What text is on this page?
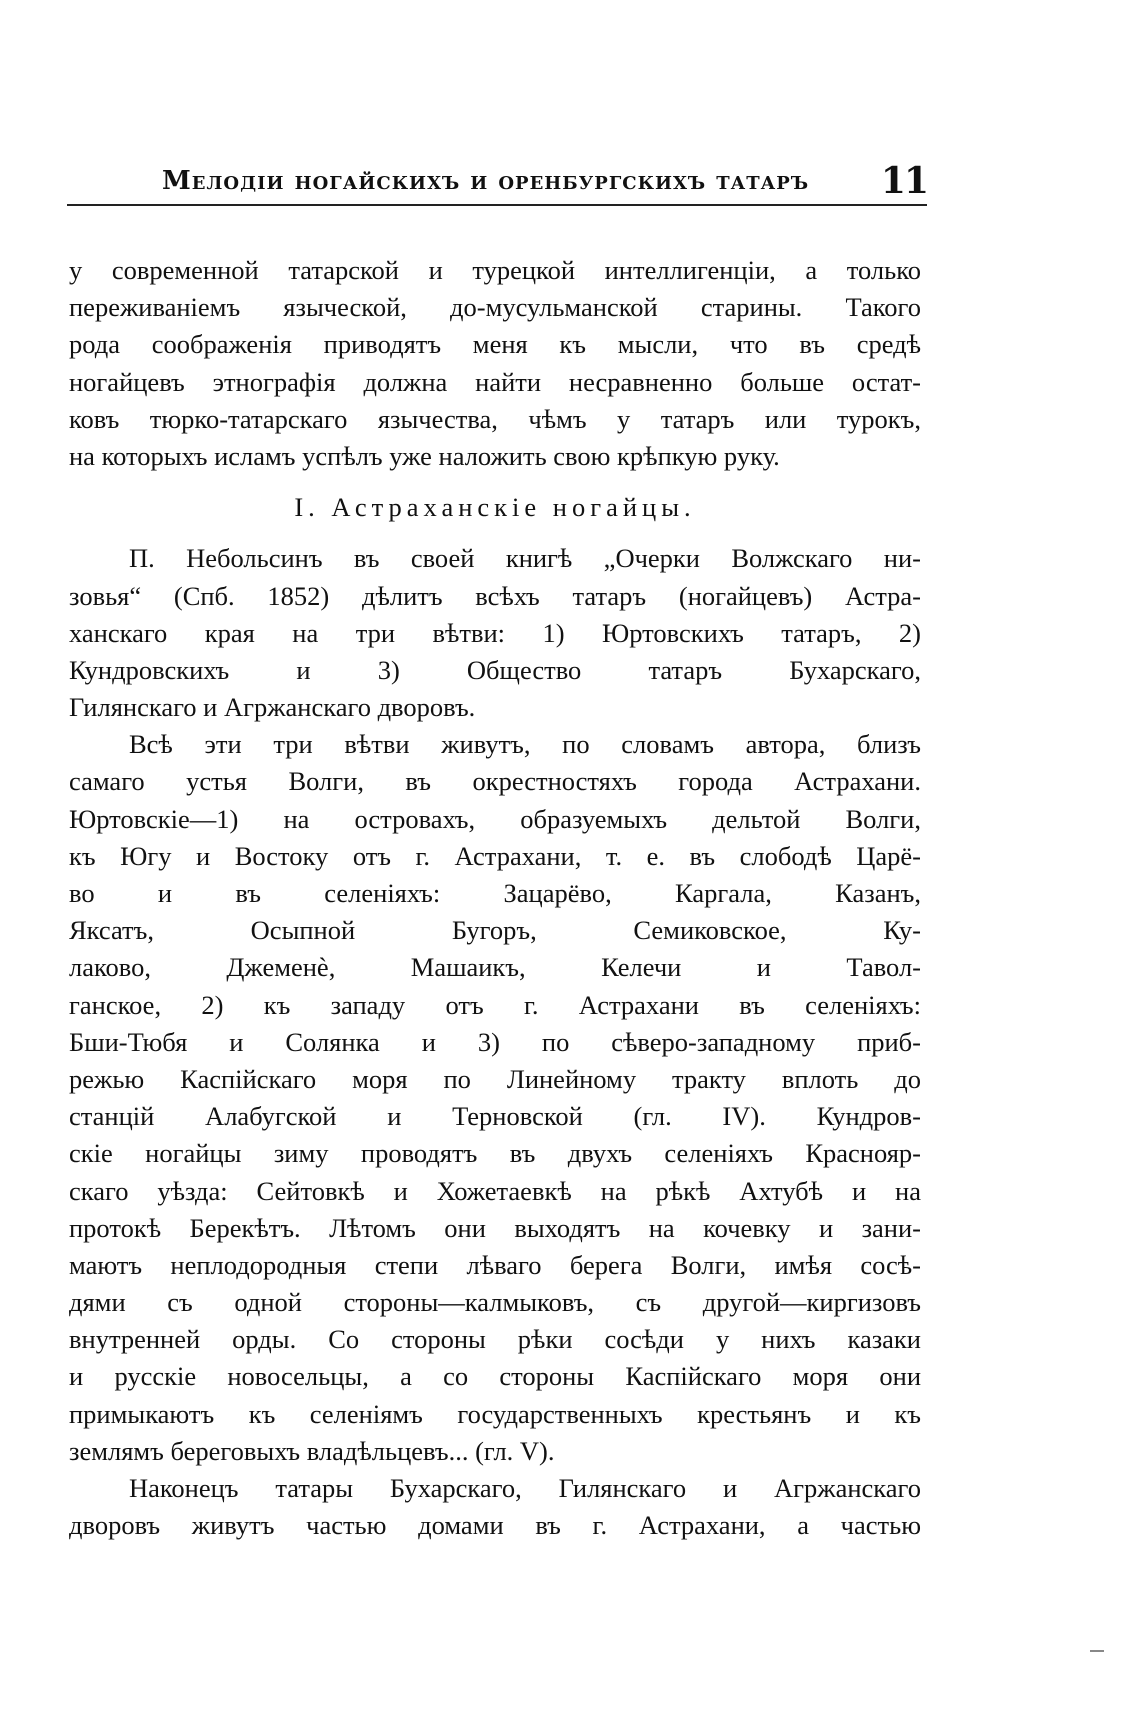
Мелодіи ногайскихъ и оренбургскихъ татаръ 11
у современной татарской и турецкой интеллигенціи, а только
переживаніемъ языческой, до-мусульманской старины. Такого
рода соображенія приводятъ меня къ мысли, что въ средѣ
ногайцевъ этнографія должна найти несравненно больше остат-
ковъ тюрко-татарскаго язычества, чѣмъ у татаръ или турокъ,
на которыхъ исламъ успѣлъ уже наложить свою крѣпкую руку.
I. Астраханскіе ногайцы.
П. Небольсинъ въ своей книгѣ „Очерки Волжскаго ни-
зовья“ (Спб. 1852) дѣлитъ всѣхъ татаръ (ногайцевъ) Астра-
ханскаго края на три вѣтви: 1) Юртовскихъ татаръ, 2)
Кундровскихъ и 3) Общество татаръ Бухарскаго,
Гилянскаго и Агржанскаго дворовъ.
Всѣ эти три вѣтви живутъ, по словамъ автора, близъ
самаго устья Волги, въ окрестностяхъ города Астрахани.
Юртовскіе—1) на островахъ, образуемыхъ дельтой Волги,
къ Югу и Востоку отъ г. Астрахани, т. е. въ слободѣ Царё-
во и въ селеніяхъ: Зацарёво, Каргала, Казанъ,
Яксатъ, Осыпной Бугоръ, Семиковское, Ку-
лаково, Джеменѐ, Машаикъ, Келечи и Тавол-
ганское, 2) къ западу отъ г. Астрахани въ селеніяхъ:
Бши-Тюбя и Солянка и 3) по сѣверо-западному приб-
режью Каспійскаго моря по Линейному тракту вплоть до
станцій Алабугской и Терновской (гл. IV). Кундров-
скіе ногайцы зиму проводятъ въ двухъ селеніяхъ Краснояр-
скаго уѣзда: Сейтовкѣ и Хожетаевкѣ на рѣкѣ Ахтубѣ и на
протокѣ Берекѣтъ. Лѣтомъ они выходятъ на кочевку и зани-
маютъ неплодородныя степи лѣваго берега Волги, имѣя сосѣ-
дями съ одной стороны—калмыковъ, съ другой—киргизовъ
внутренней орды. Со стороны рѣки сосѣди у нихъ казаки
и русскіе новосельцы, а со стороны Каспійскаго моря они
примыкаютъ къ селеніямъ государственныхъ крестьянъ и къ
землямъ береговыхъ владѣльцевъ... (гл. V).
Наконецъ татары Бухарскаго, Гилянскаго и Агржанскаго
дворовъ живутъ частью домами въ г. Астрахани, а частью
